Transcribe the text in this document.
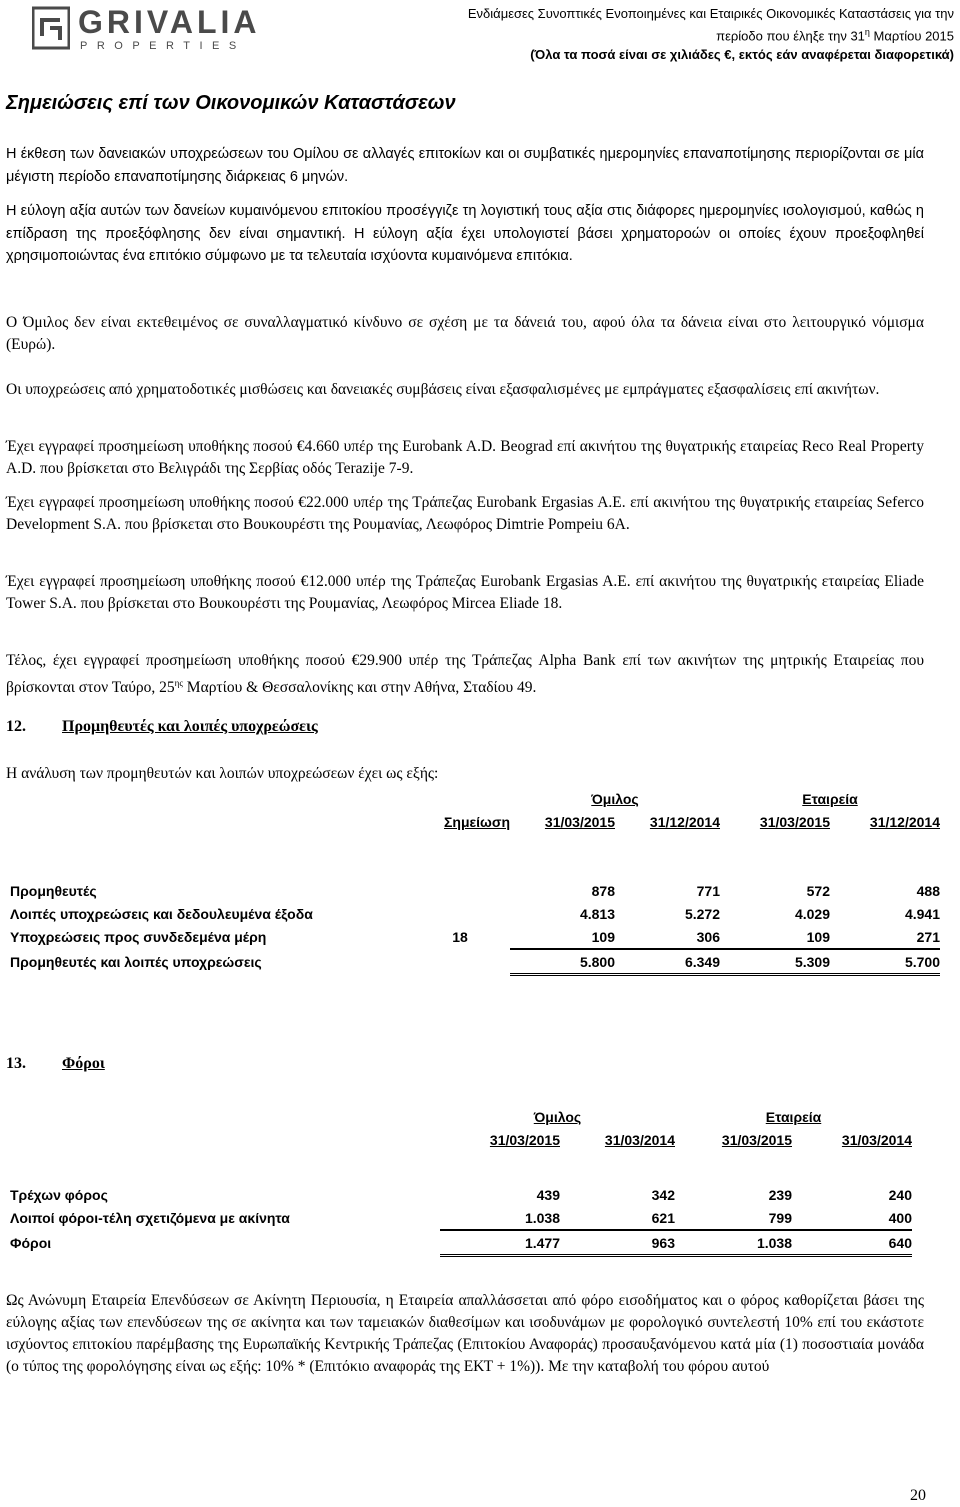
GRIVALIA
PROPERTIES
Ενδιάμεσες Συνοπτικές Ενοποιημένες και Εταιρικές Οικονομικές Καταστάσεις για την
περίοδο που έληξε την $31^\eta$ Μαρτίου 2015
(Όλα τα ποσά είναι σε χιλιάδες €, εκτός εάν αναφέρεται διαφορετικά)
Σημειώσεις επί των Οικονομικών Καταστάσεων
Η έκθεση των δανειακών υποχρεώσεων του Ομίλου σε αλλαγές επιτοκίων και οι συμβατικές ημερομηνίες επαναποτίμησης περιορίζονται σε μία μέγιστη περίοδο επαναποτίμησης διάρκειας 6 μηνών.
Η εύλογη αξία αυτών των δανείων κυμαινόμενου επιτοκίου προσέγγιζε τη λογιστική τους αξία στις διάφορες ημερομηνίες ισολογισμού, καθώς η επίδραση της προεξόφλησης δεν είναι σημαντική. Η εύλογη αξία έχει υπολογιστεί βάσει χρηματοροών οι οποίες έχουν προεξοφληθεί χρησιμοποιώντας ένα επιτόκιο σύμφωνο με τα τελευταία ισχύοντα κυμαινόμενα επιτόκια.
Ο Όμιλος δεν είναι εκτεθειμένος σε συναλλαγματικό κίνδυνο σε σχέση με τα δάνειά του, αφού όλα τα δάνεια είναι στο λειτουργικό νόμισμα (Ευρώ).
Οι υποχρεώσεις από χρηματοδοτικές μισθώσεις και δανειακές συμβάσεις είναι εξασφαλισμένες με εμπράγματες εξασφαλίσεις επί ακινήτων.
Έχει εγγραφεί προσημείωση υποθήκης ποσού €4.660 υπέρ της Eurobank A.D. Beograd επί ακινήτου της θυγατρικής εταιρείας Reco Real Property A.D. που βρίσκεται στο Βελιγράδι της Σερβίας οδός Terazije 7-9.
Έχει εγγραφεί προσημείωση υποθήκης ποσού €22.000 υπέρ της Τράπεζας Eurobank Ergasias A.E. επί ακινήτου της θυγατρικής εταιρείας Seferco Development S.A. που βρίσκεται στο Βουκουρέστι της Ρουμανίας, Λεωφόρος Dimtrie Pompeiu 6A.
Έχει εγγραφεί προσημείωση υποθήκης ποσού €12.000 υπέρ της Τράπεζας Eurobank Ergasias A.E. επί ακινήτου της θυγατρικής εταιρείας Eliade Tower S.A. που βρίσκεται στο Βουκουρέστι της Ρουμανίας, Λεωφόρος Mircea Eliade 18.
Τέλος, έχει εγγραφεί προσημείωση υποθήκης ποσού €29.900 υπέρ της Τράπεζας Alpha Bank επί των ακινήτων της μητρικής Εταιρείας που βρίσκονται στον Ταύρο, $25^{\eta\varsigma}$ Μαρτίου & Θεσσαλονίκης και στην Αθήνα, Σταδίου 49.
12. Προμηθευτές και λοιπές υποχρεώσεις
Η ανάλυση των προμηθευτών και λοιπών υποχρεώσεων έχει ως εξής:
		Όμιλος		Εταιρεία	
	Σημείωση	31/03/2015	31/12/2014	31/03/2015	31/12/2014

Προμηθευτές		878	771	572	488
Λοιπές υποχρεώσεις και δεδουλευμένα έξοδα		4.813	5.272	4.029	4.941
Υποχρεώσεις προς συνδεδεμένα μέρη	18	109	306	109	271
Προμηθευτές και λοιπές υποχρεώσεις		5.800	6.349	5.309	5.700
13. Φόροι
	Όμιλος		Εταιρεία	
	31/03/2015	31/03/2014	31/03/2015	31/03/2014

Τρέχων φόρος	439	342	239	240
Λοιποί φόροι-τέλη σχετιζόμενα με ακίνητα	1.038	621	799	400
Φόροι	1.477	963	1.038	640
Ως Ανώνυμη Εταιρεία Επενδύσεων σε Ακίνητη Περιουσία, η Εταιρεία απαλλάσσεται από φόρο εισοδήματος και ο φόρος καθορίζεται βάσει της εύλογης αξίας των επενδύσεων της σε ακίνητα και των ταμειακών διαθεσίμων και ισοδυνάμων με φορολογικό συντελεστή 10% επί του εκάστοτε ισχύοντος επιτοκίου παρέμβασης της Ευρωπαϊκής Κεντρικής Τράπεζας (Επιτοκίου Αναφοράς) προσαυξανόμενου κατά μία (1) ποσοστιαία μονάδα (ο τύπος της φορολόγησης είναι ως εξής: 10% * (Επιτόκιο αναφοράς της ΕΚΤ + 1%)). Με την καταβολή του φόρου αυτού
20
